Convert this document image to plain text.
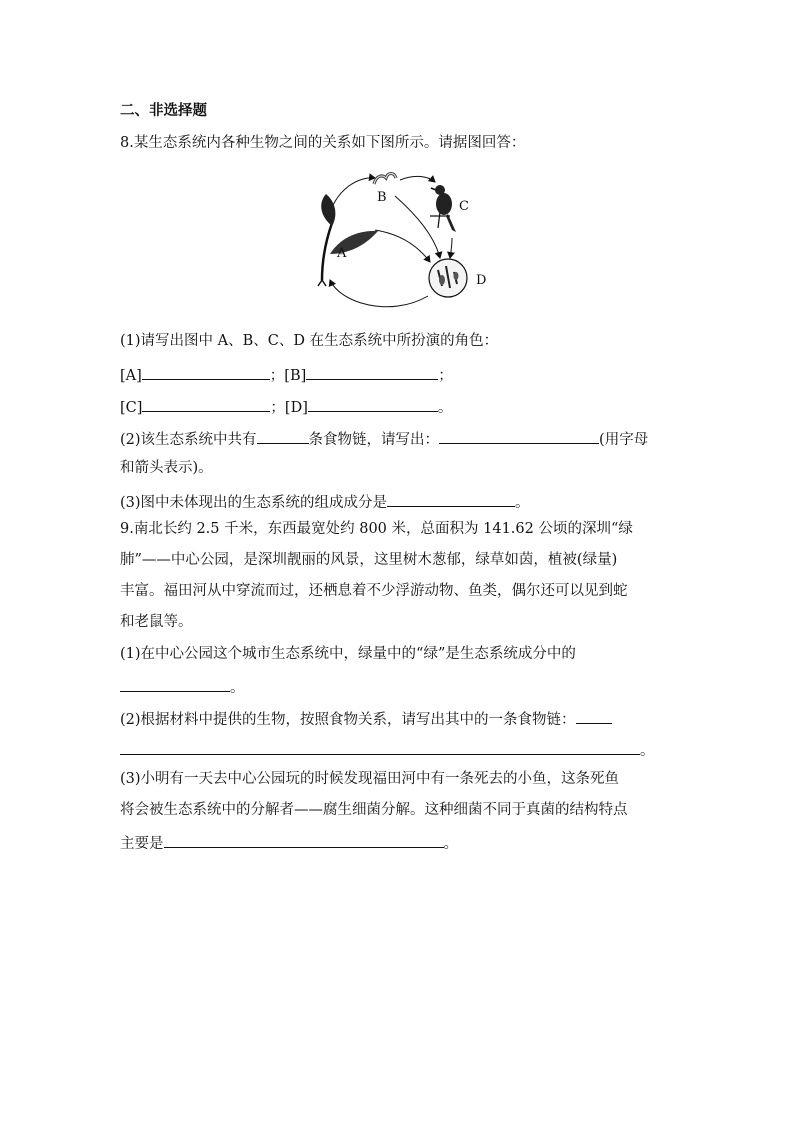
二、非选择题
8.某生态系统内各种生物之间的关系如下图所示。请据图回答：
B
C
A
D
(1)请写出图中 A、B、C、D 在生态系统中所扮演的角色：
[A]	；[B]	；
[C]	；[D]	。
(2)该生态系统中共有	条食物链，请写出：	(用字母
和箭头表示)。
(3)图中未体现出的生态系统的组成成分是	。
9.南北长约 2.5 千米，东西最宽处约 800 米，总面积为 141.62 公顷的深圳“绿
肺”——中心公园，是深圳靓丽的风景，这里树木葱郁，绿草如茵，植被(绿量)
丰富。福田河从中穿流而过，还栖息着不少浮游动物、鱼类，偶尔还可以见到蛇
和老鼠等。
(1)在中心公园这个城市生态系统中，绿量中的“绿”是生态系统成分中的
。
(2)根据材料中提供的生物，按照食物关系，请写出其中的一条食物链：
。
(3)小明有一天去中心公园玩的时候发现福田河中有一条死去的小鱼，这条死鱼
将会被生态系统中的分解者——腐生细菌分解。这种细菌不同于真菌的结构特点
主要是	。
